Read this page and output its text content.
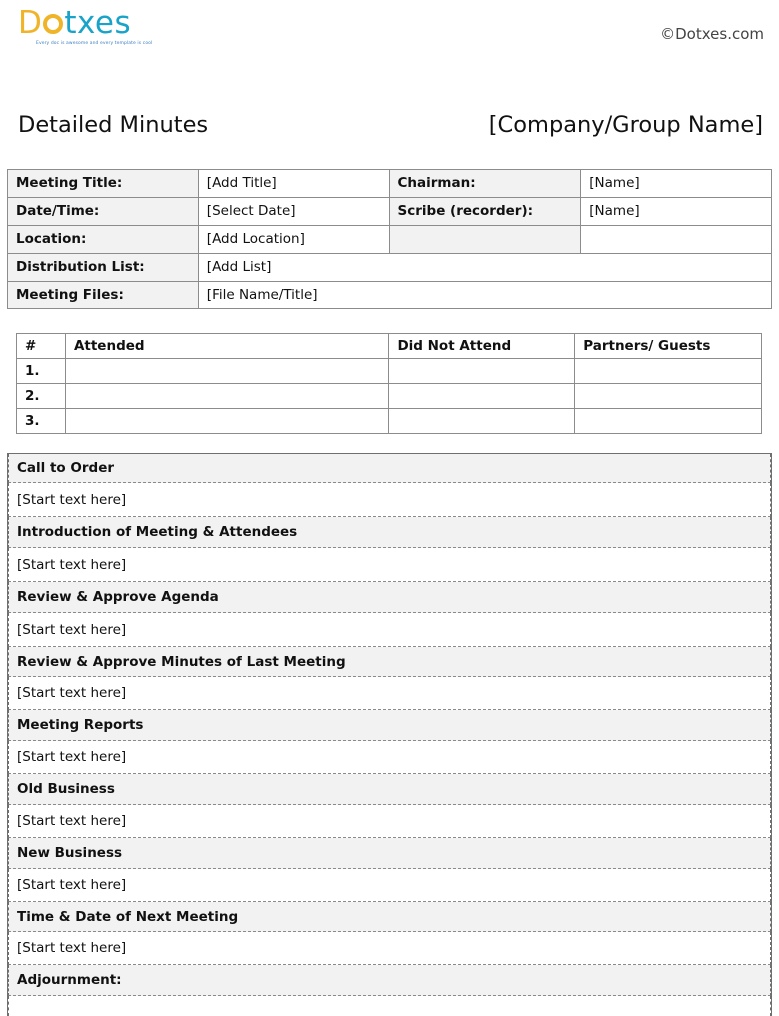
D txes
Every doc is awesome and every template is cool
©Dotxes.com
Detailed Minutes	[Company/Group Name]
Meeting Title:	[Add Title]	Chairman:	[Name]
Date/Time:	[Select Date]	Scribe (recorder):	[Name]
Location:	[Add Location]		
Distribution List:	[Add List]		
Meeting Files:	[File Name/Title]		
#	Attended	Did Not Attend	Partners/ Guests
1.			
2.			
3.			
Call to Order
[Start text here]
Introduction of Meeting & Attendees
[Start text here]
Review & Approve Agenda
[Start text here]
Review & Approve Minutes of Last Meeting
[Start text here]
Meeting Reports
[Start text here]
Old Business
[Start text here]
New Business
[Start text here]
Time & Date of Next Meeting
[Start text here]
Adjournment:
